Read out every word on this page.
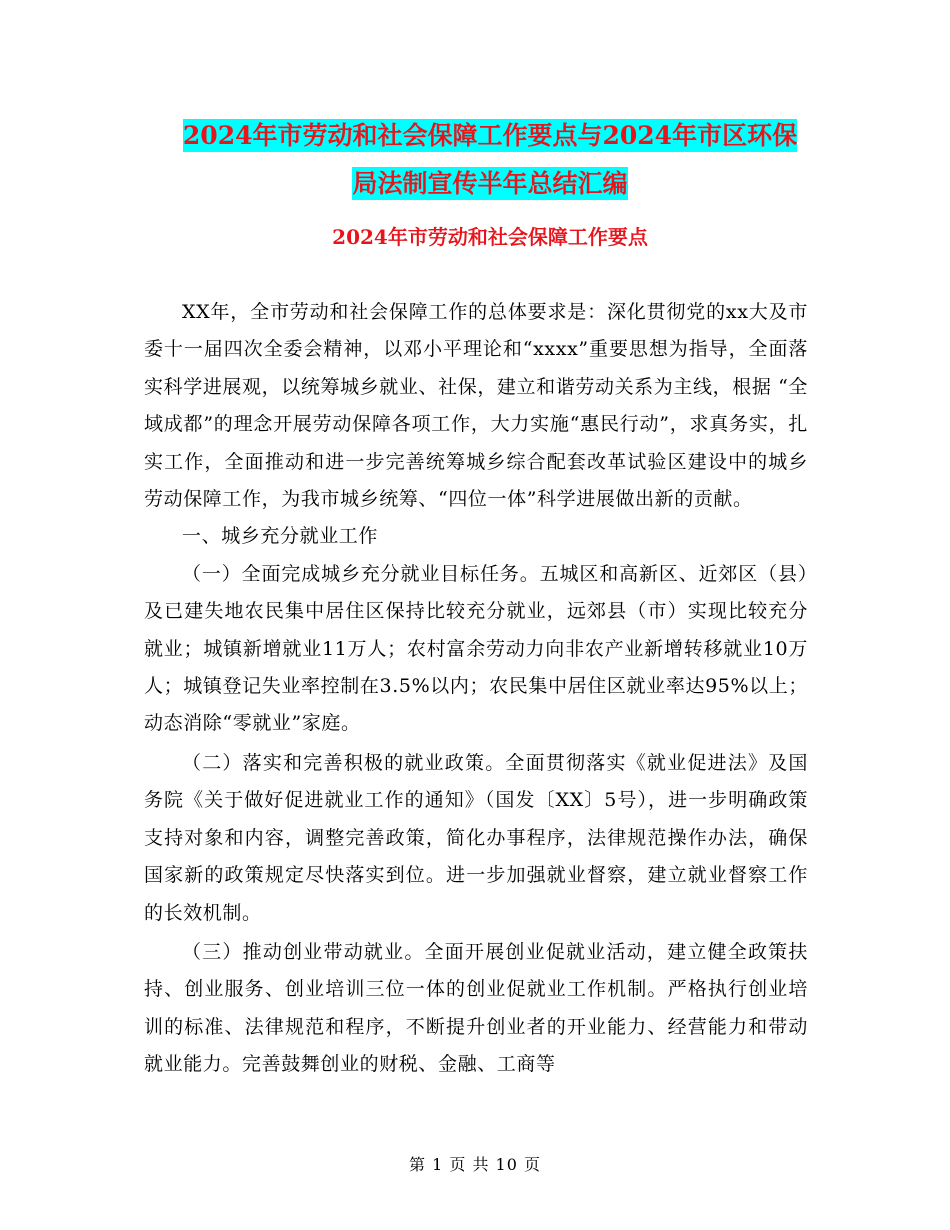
2024年市劳动和社会保障工作要点与2024年市区环保
局法制宣传半年总结汇编
2024年市劳动和社会保障工作要点

XX年，全市劳动和社会保障工作的总体要求是：深化贯彻党的xx大及市委十一届四次全委会精神，以邓小平理论和“xxxx”重要思想为指导，全面落实科学进展观，以统筹城乡就业、社保，建立和谐劳动关系为主线，根据 “全域成都”的理念开展劳动保障各项工作，大力实施“惠民行动”，求真务实，扎实工作，全面推动和进一步完善统筹城乡综合配套改革试验区建设中的城乡劳动保障工作，为我市城乡统筹、“四位一体”科学进展做出新的贡献。

一、城乡充分就业工作

（一）全面完成城乡充分就业目标任务。五城区和高新区、近郊区（县）及已建失地农民集中居住区保持比较充分就业，远郊县（市）实现比较充分就业；城镇新增就业11万人；农村富余劳动力向非农产业新增转移就业10万人；城镇登记失业率控制在3.5%以内；农民集中居住区就业率达95%以上；动态消除“零就业”家庭。

（二）落实和完善积极的就业政策。全面贯彻落实《就业促进法》及国务院《关于做好促进就业工作的通知》（国发〔XX〕5号），进一步明确政策支持对象和内容，调整完善政策，简化办事程序，法律规范操作办法，确保国家新的政策规定尽快落实到位。进一步加强就业督察，建立就业督察工作的长效机制。

（三）推动创业带动就业。全面开展创业促就业活动，建立健全政策扶持、创业服务、创业培训三位一体的创业促就业工作机制。严格执行创业培训的标准、法律规范和程序，不断提升创业者的开业能力、经营能力和带动就业能力。完善鼓舞创业的财税、金融、工商等

第 1 页 共 10 页
